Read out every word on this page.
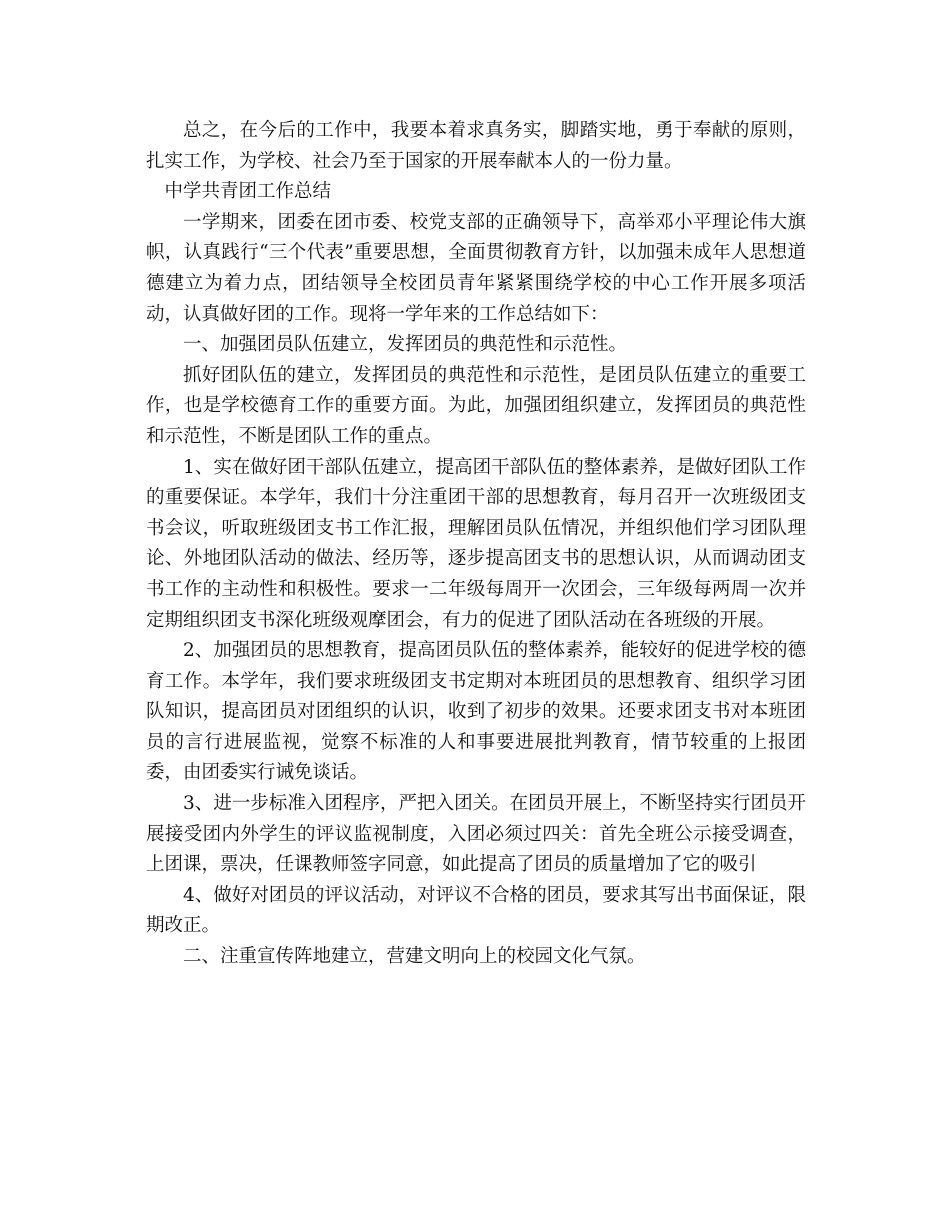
总之，在今后的工作中，我要本着求真务实，脚踏实地，勇于奉献的原则，扎实工作，为学校、社会乃至于国家的开展奉献本人的一份力量。

中学共青团工作总结

一学期来，团委在团市委、校党支部的正确领导下，高举邓小平理论伟大旗帜，认真践行“三个代表”重要思想，全面贯彻教育方针，以加强未成年人思想道德建立为着力点，团结领导全校团员青年紧紧围绕学校的中心工作开展多项活动，认真做好团的工作。现将一学年来的工作总结如下：

一、加强团员队伍建立，发挥团员的典范性和示范性。

抓好团队伍的建立，发挥团员的典范性和示范性，是团员队伍建立的重要工作，也是学校德育工作的重要方面。为此，加强团组织建立，发挥团员的典范性和示范性，不断是团队工作的重点。

1、实在做好团干部队伍建立，提高团干部队伍的整体素养，是做好团队工作的重要保证。本学年，我们十分注重团干部的思想教育，每月召开一次班级团支书会议，听取班级团支书工作汇报，理解团员队伍情况，并组织他们学习团队理论、外地团队活动的做法、经历等，逐步提高团支书的思想认识，从而调动团支书工作的主动性和积极性。要求一二年级每周开一次团会，三年级每两周一次并定期组织团支书深化班级观摩团会，有力的促进了团队活动在各班级的开展。

2、加强团员的思想教育，提高团员队伍的整体素养，能较好的促进学校的德育工作。本学年，我们要求班级团支书定期对本班团员的思想教育、组织学习团队知识，提高团员对团组织的认识，收到了初步的效果。还要求团支书对本班团员的言行进展监视，觉察不标准的人和事要进展批判教育，情节较重的上报团委，由团委实行诫免谈话。

3、进一步标准入团程序，严把入团关。在团员开展上，不断坚持实行团员开展接受团内外学生的评议监视制度，入团必须过四关：首先全班公示接受调查，上团课，票决，任课教师签字同意，如此提高了团员的质量增加了它的吸引

4、做好对团员的评议活动，对评议不合格的团员，要求其写出书面保证，限期改正。

二、注重宣传阵地建立，营建文明向上的校园文化气氛。
